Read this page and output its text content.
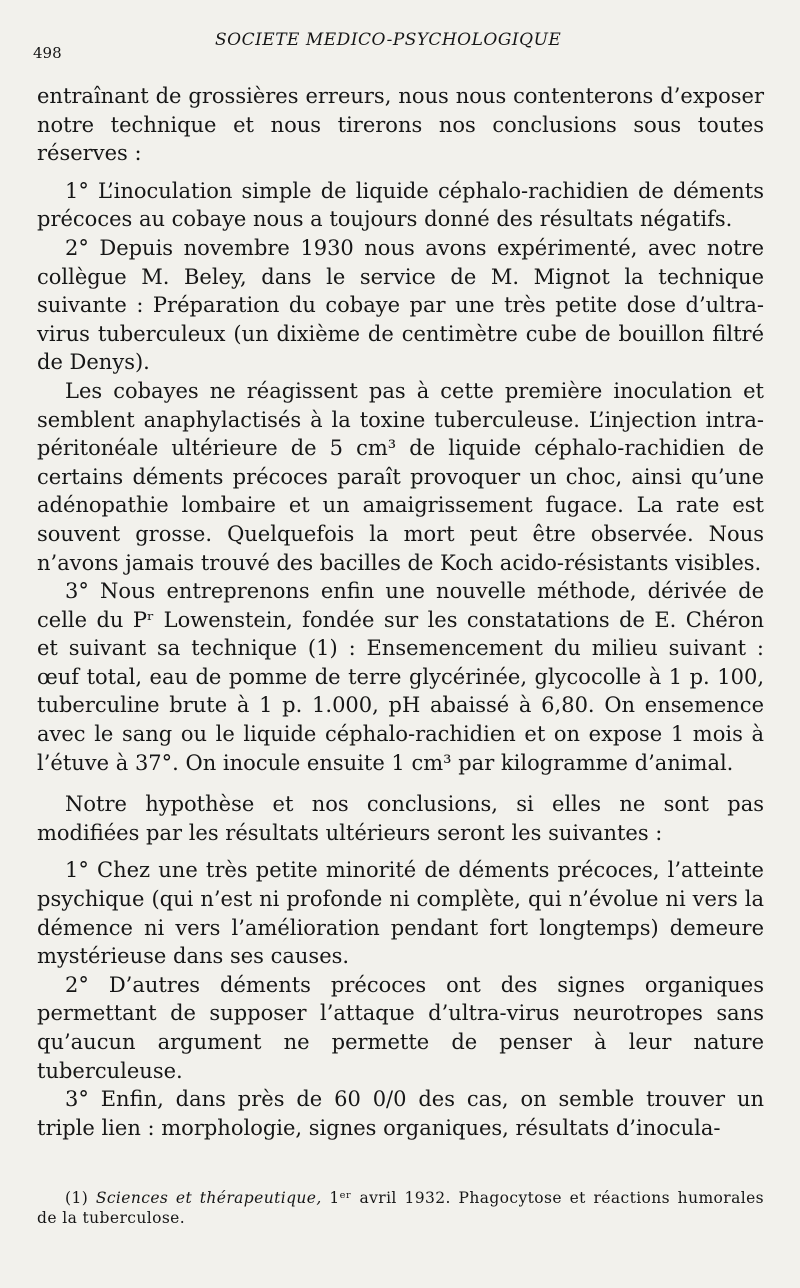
498
SOCIETE MEDICO-PSYCHOLOGIQUE

entraînant de grossières erreurs, nous nous contenterons d’exposer notre technique et nous tirerons nos conclusions sous toutes réserves :

1° L’inoculation simple de liquide céphalo-rachidien de déments précoces au cobaye nous a toujours donné des résultats négatifs.

2° Depuis novembre 1930 nous avons expérimenté, avec notre collègue M. Beley, dans le service de M. Mignot la technique suivante : Préparation du cobaye par une très petite dose d’ultra-virus tuberculeux (un dixième de centimètre cube de bouillon filtré de Denys).

Les cobayes ne réagissent pas à cette première inoculation et semblent anaphylactisés à la toxine tuberculeuse. L’injection intra-péritonéale ultérieure de 5 cm³ de liquide céphalo-rachidien de certains déments précoces paraît provoquer un choc, ainsi qu’une adénopathie lombaire et un amaigrissement fugace. La rate est souvent grosse. Quelquefois la mort peut être observée. Nous n’avons jamais trouvé des bacilles de Koch acido-résistants visibles.

3° Nous entreprenons enfin une nouvelle méthode, dérivée de celle du Pʳ Lowenstein, fondée sur les constatations de E. Chéron et suivant sa technique (1) : Ensemencement du milieu suivant : œuf total, eau de pomme de terre glycérinée, glycocolle à 1 p. 100, tuberculine brute à 1 p. 1.000, pH abaissé à 6,80. On ensemence avec le sang ou le liquide céphalo-rachidien et on expose 1 mois à l’étuve à 37°. On inocule ensuite 1 cm³ par kilogramme d’animal.

Notre hypothèse et nos conclusions, si elles ne sont pas modifiées par les résultats ultérieurs seront les suivantes :

1° Chez une très petite minorité de déments précoces, l’atteinte psychique (qui n’est ni profonde ni complète, qui n’évolue ni vers la démence ni vers l’amélioration pendant fort longtemps) demeure mystérieuse dans ses causes.

2° D’autres déments précoces ont des signes organiques permettant de supposer l’attaque d’ultra-virus neurotropes sans qu’aucun argument ne permette de penser à leur nature tuberculeuse.

3° Enfin, dans près de 60 0/0 des cas, on semble trouver un triple lien : morphologie, signes organiques, résultats d’inocula-

(1) Sciences et thérapeutique, 1ᵉʳ avril 1932. Phagocytose et réactions humorales de la tuberculose.
